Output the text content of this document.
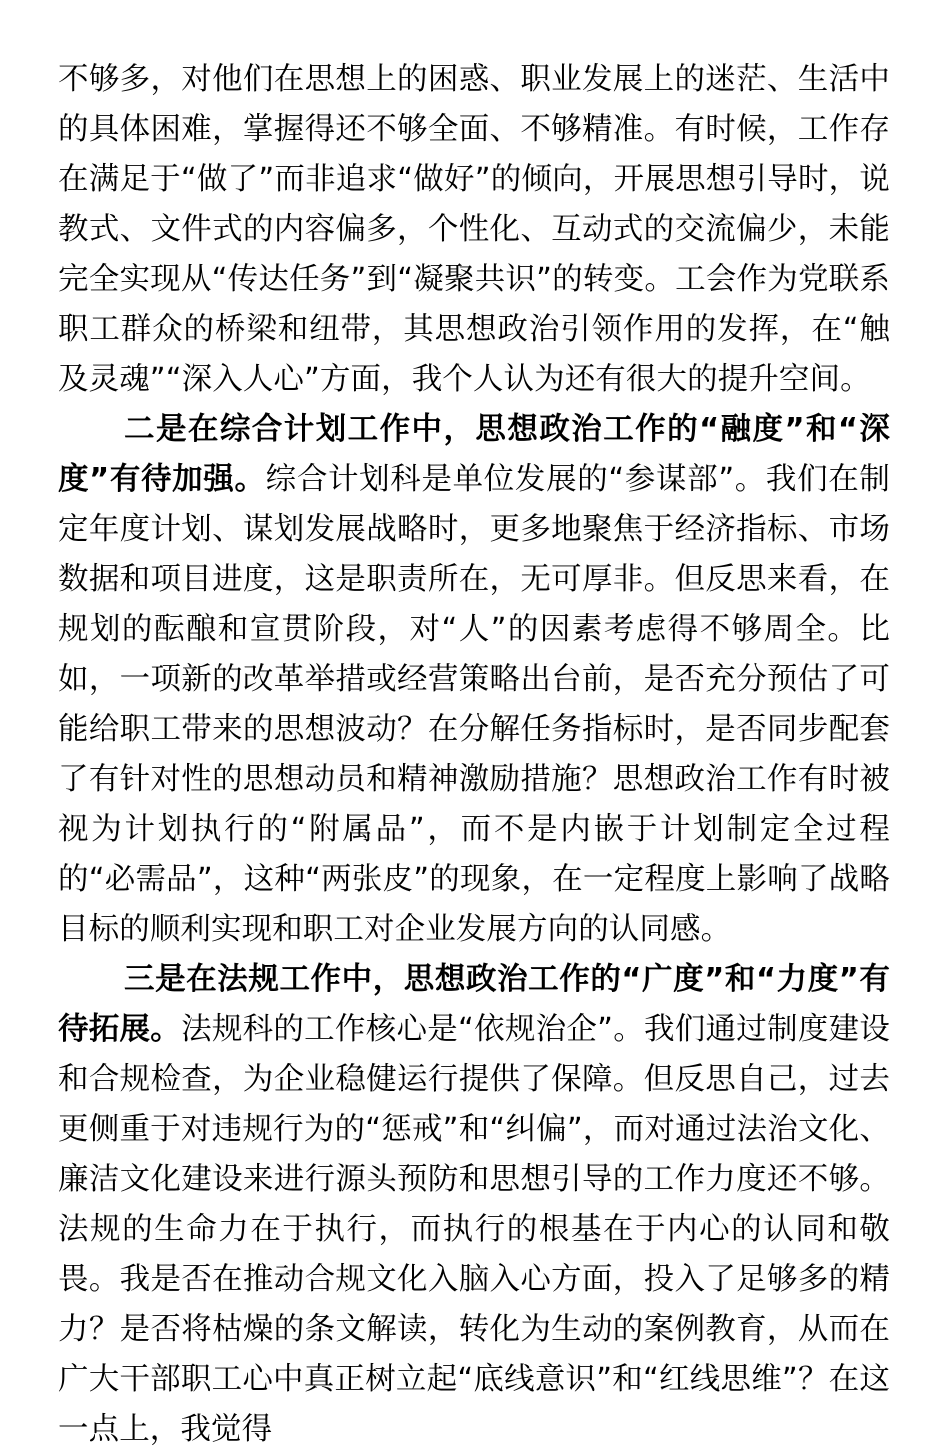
不够多，对他们在思想上的困惑、职业发展上的迷茫、生活中的具体困难，掌握得还不够全面、不够精准。有时候，工作存在满足于“做了”而非追求“做好”的倾向，开展思想引导时，说教式、文件式的内容偏多，个性化、互动式的交流偏少，未能完全实现从“传达任务”到“凝聚共识”的转变。工会作为党联系职工群众的桥梁和纽带，其思想政治引领作用的发挥，在“触及灵魂”“深入人心”方面，我个人认为还有很大的提升空间。

二是在综合计划工作中，思想政治工作的“融度”和“深度”有待加强。综合计划科是单位发展的“参谋部”。我们在制定年度计划、谋划发展战略时，更多地聚焦于经济指标、市场数据和项目进度，这是职责所在，无可厚非。但反思来看，在规划的酝酿和宣贯阶段，对“人”的因素考虑得不够周全。比如，一项新的改革举措或经营策略出台前，是否充分预估了可能给职工带来的思想波动？在分解任务指标时，是否同步配套了有针对性的思想动员和精神激励措施？思想政治工作有时被视为计划执行的“附属品”，而不是内嵌于计划制定全过程的“必需品”，这种“两张皮”的现象，在一定程度上影响了战略目标的顺利实现和职工对企业发展方向的认同感。

三是在法规工作中，思想政治工作的“广度”和“力度”有待拓展。法规科的工作核心是“依规治企”。我们通过制度建设和合规检查，为企业稳健运行提供了保障。但反思自己，过去更侧重于对违规行为的“惩戒”和“纠偏”，而对通过法治文化、廉洁文化建设来进行源头预防和思想引导的工作力度还不够。法规的生命力在于执行，而执行的根基在于内心的认同和敬畏。我是否在推动合规文化入脑入心方面，投入了足够多的精力？是否将枯燥的条文解读，转化为生动的案例教育，从而在广大干部职工心中真正树立起“底线意识”和“红线思维”？在这一点上，我觉得
